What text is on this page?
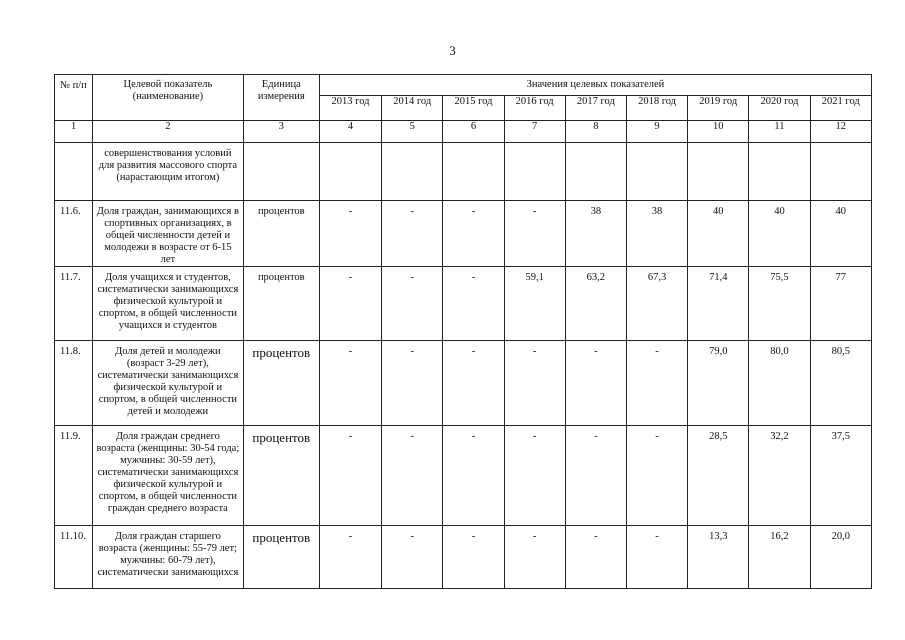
3
№ п/п	Целевой показатель (наименование)	Единица измерения	Значения целевых показателей								
			2013 год	2014 год	2015 год	2016 год	2017 год	2018 год	2019 год	2020 год	2021 год
1	2	3	4	5	6	7	8	9	10	11	12
	совершенствования условий для развития массового спорта (нарастающим итогом)										
11.6.	Доля граждан, занимающихся в спортивных организациях, в общей численности детей и молодежи в возрасте от 6-15 лет	процентов	-	-	-	-	38	38	40	40	40
11.7.	Доля учащихся и студентов, систематически занимающихся физической культурой и спортом, в общей численности учащихся и студентов	процентов	-	-	-	59,1	63,2	67,3	71,4	75,5	77
11.8.	Доля детей и молодежи (возраст 3-29 лет), систематически занимающихся физической культурой и спортом, в общей численности детей и молодежи	процентов	-	-	-	-	-	-	79,0	80,0	80,5
11.9.	Доля граждан среднего возраста (женщины: 30-54 года; мужчины: 30-59 лет), систематически занимающихся физической культурой и спортом, в общей численности граждан среднего возраста	процентов	-	-	-	-	-	-	28,5	32,2	37,5
11.10.	Доля граждан старшего возраста (женщины: 55-79 лет; мужчины: 60-79 лет), систематически занимающихся	процентов	-	-	-	-	-	-	13,3	16,2	20,0
